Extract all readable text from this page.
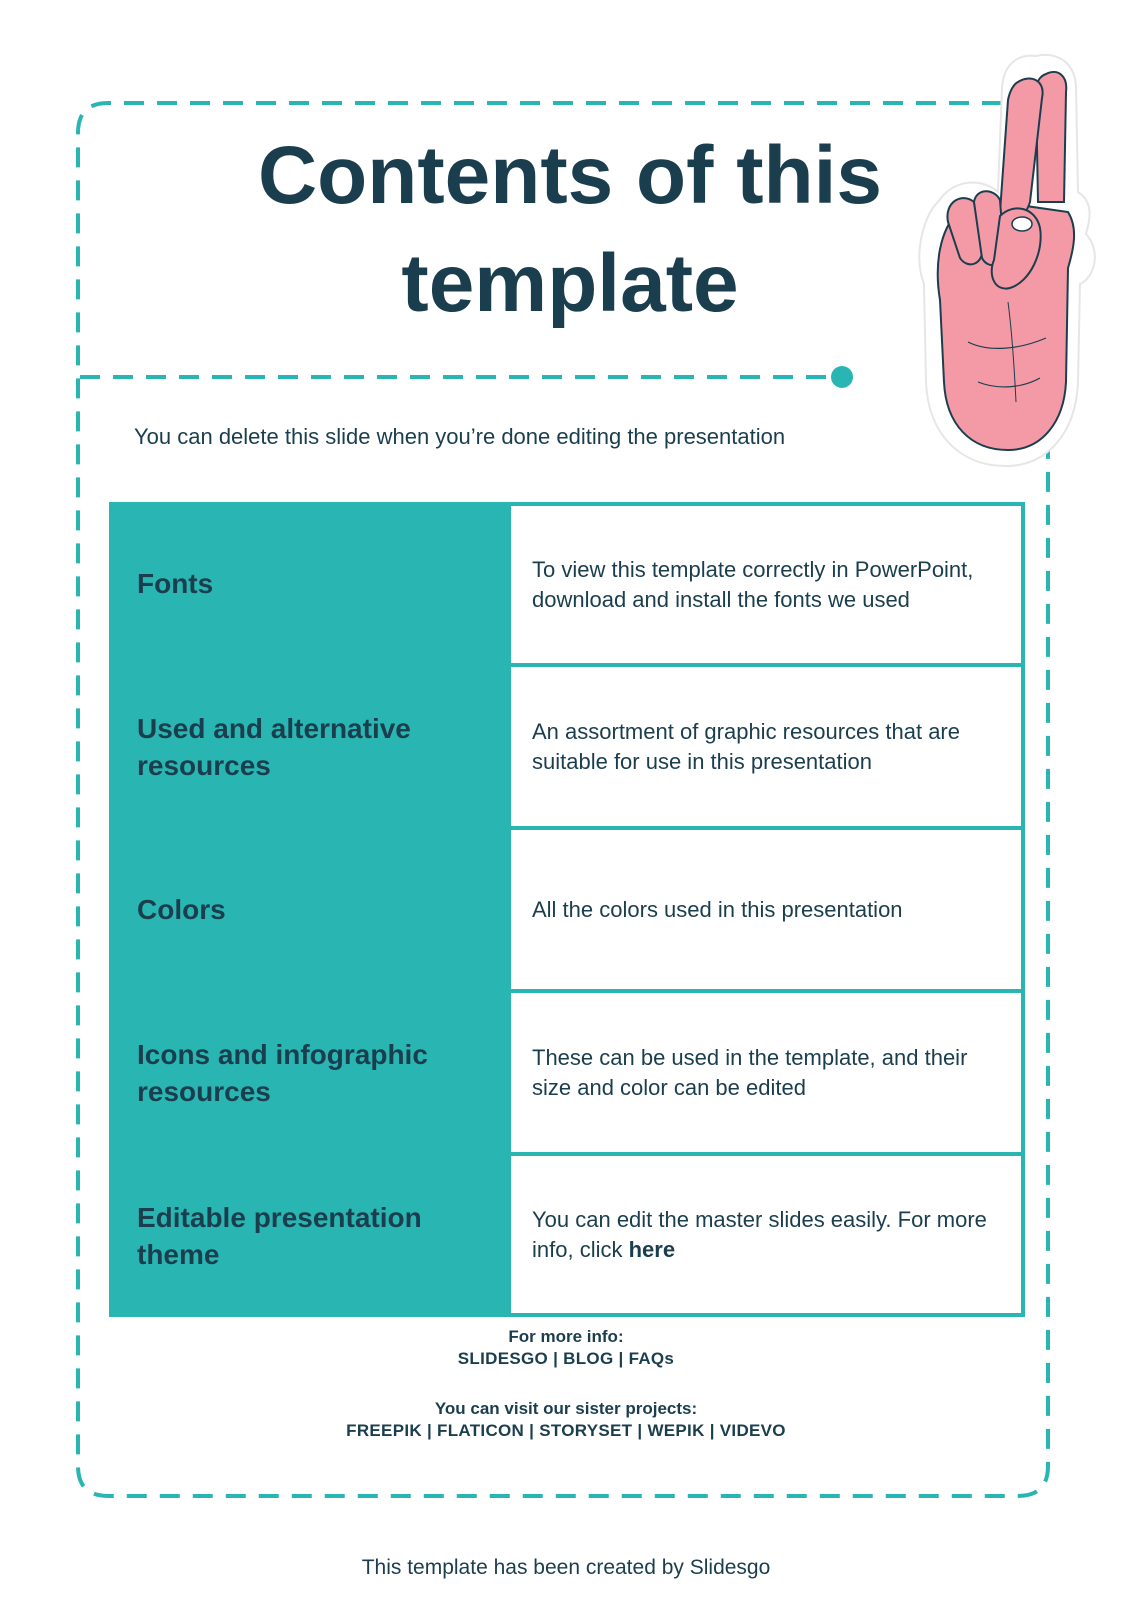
Contents of this template
You can delete this slide when you’re done editing the presentation
Fonts	To view this template correctly in PowerPoint, download and install the fonts we used
Used and alternative resources
An assortment of graphic resources that are suitable for use in this presentation
Colors	All the colors used in this presentation
Icons and infographic resources
These can be used in the template, and their size and color can be edited
Editable presentation theme
You can edit the master slides easily. For more info, click here
For more info:
SLIDESGO | BLOG | FAQs
You can visit our sister projects:
FREEPIK | FLATICON | STORYSET | WEPIK | VIDEVO
This template has been created by Slidesgo
